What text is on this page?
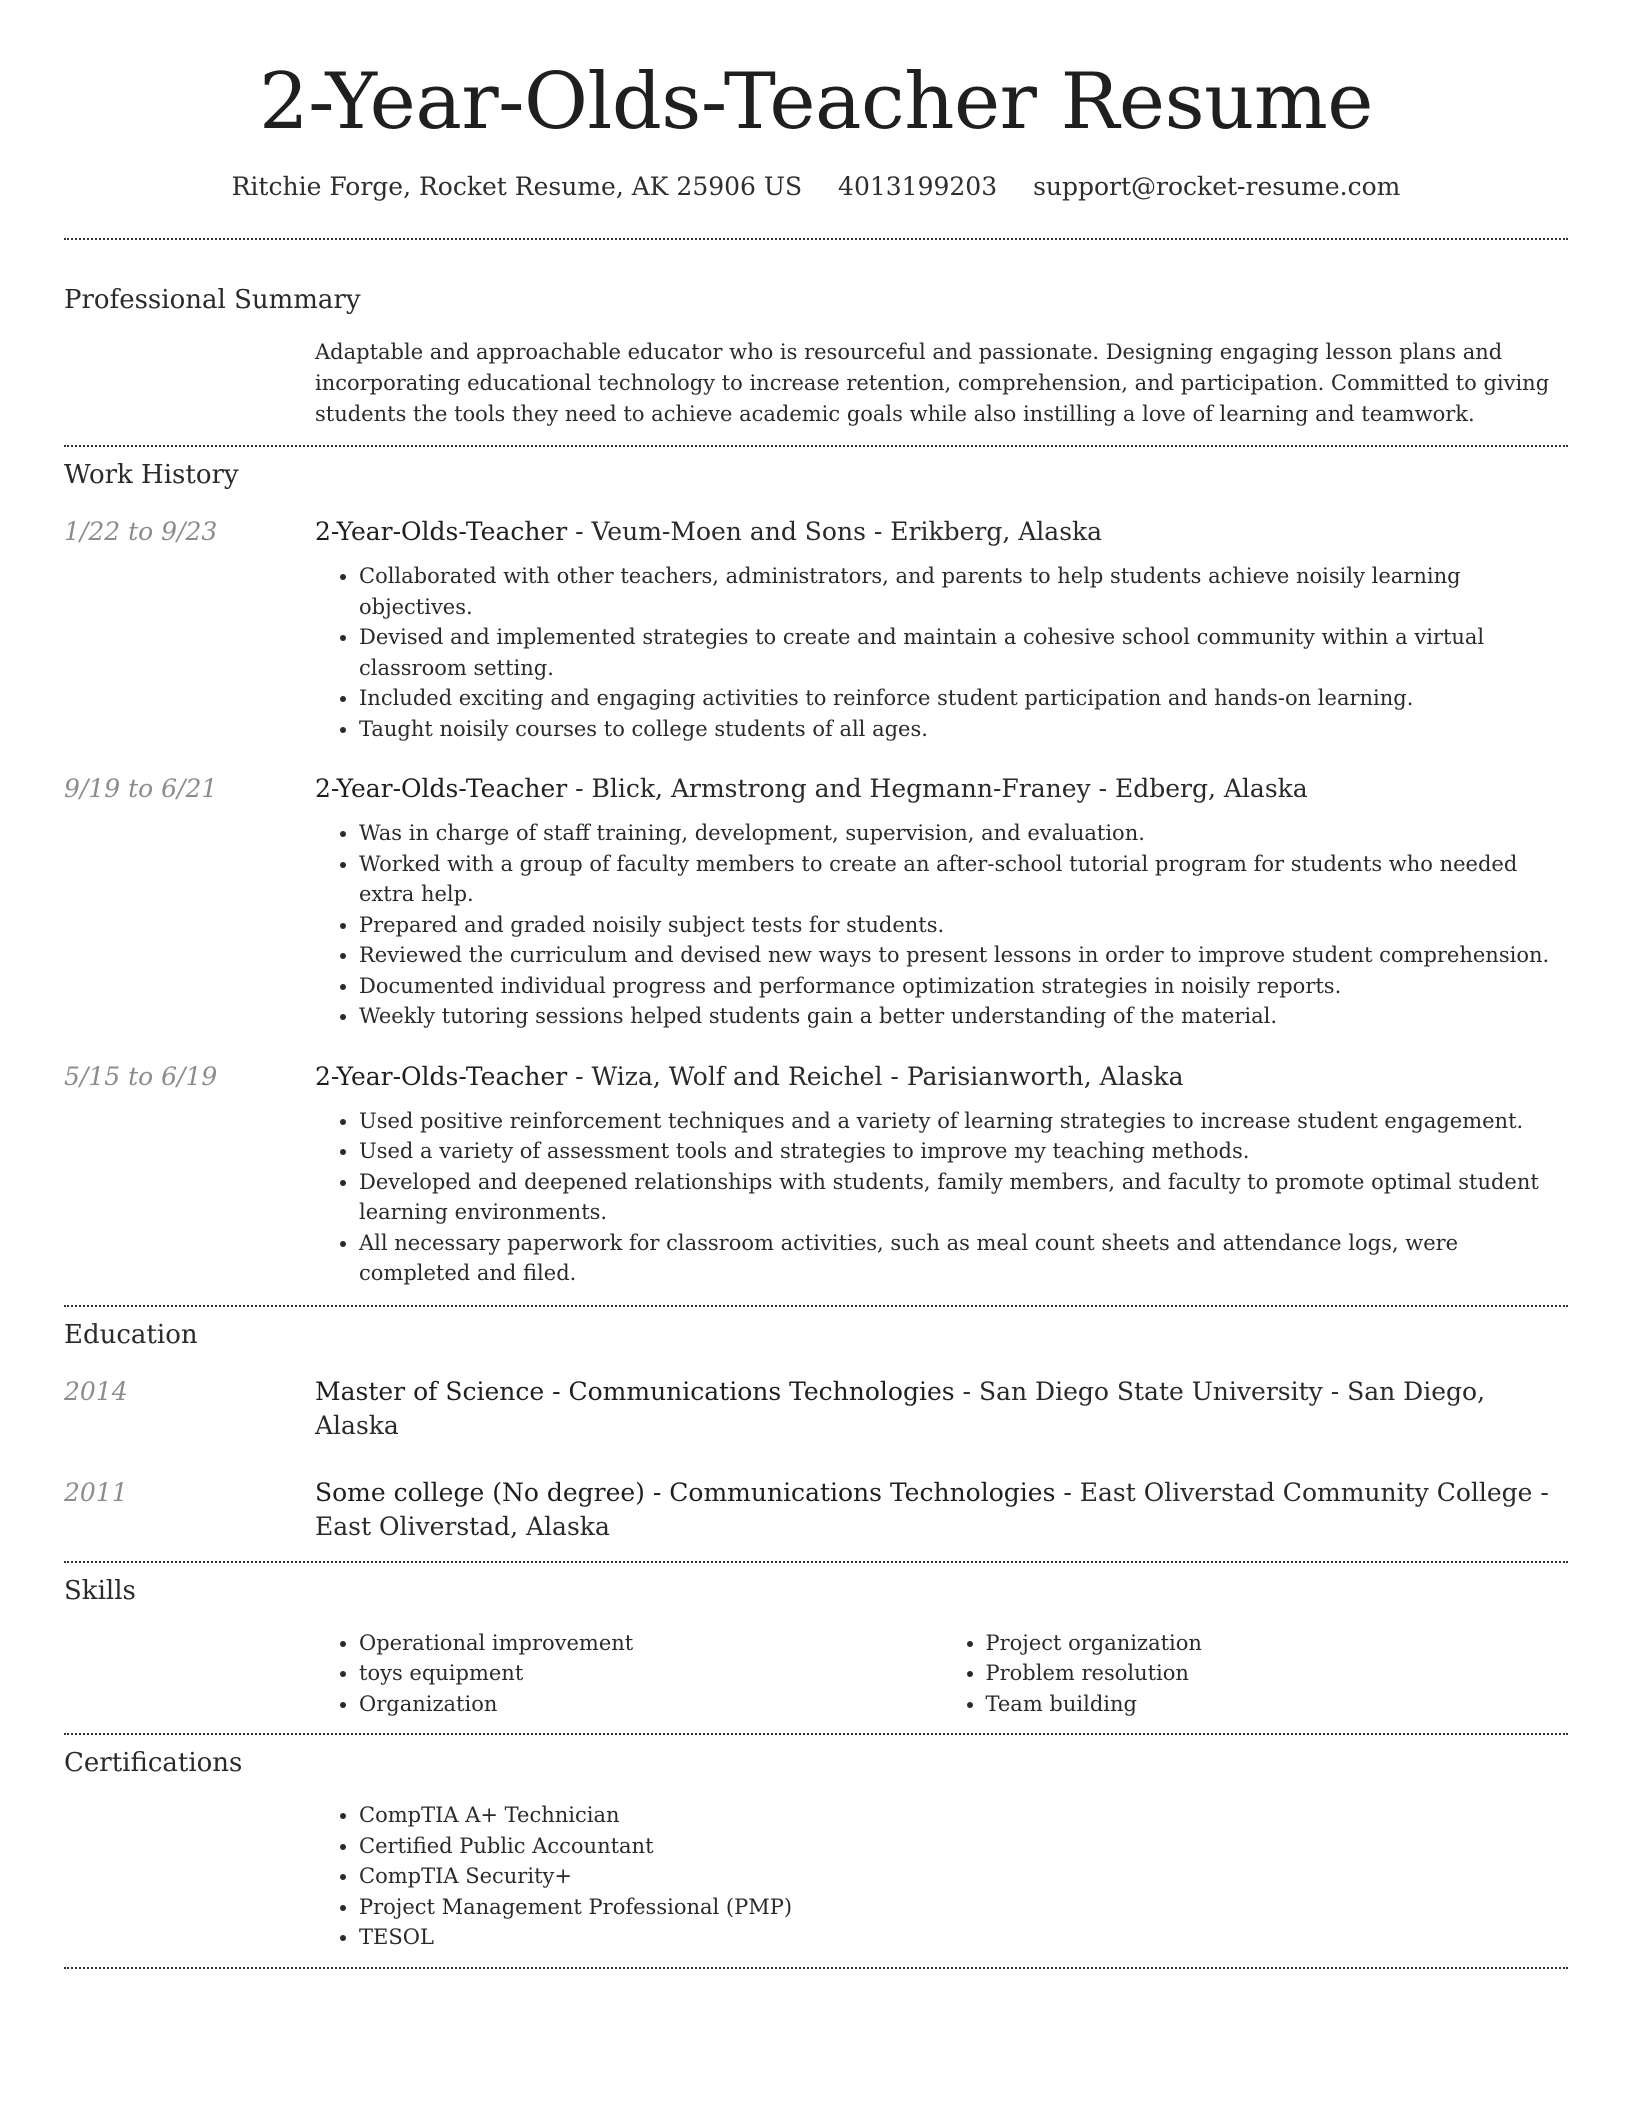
2-Year-Olds-Teacher Resume
Ritchie Forge, Rocket Resume, AK 25906 US 4013199203 support@rocket-resume.com
Professional Summary

Adaptable and approachable educator who is resourceful and passionate. Designing engaging lesson plans and incorporating educational technology to increase retention, comprehension, and participation. Committed to giving students the tools they need to achieve academic goals while also instilling a love of learning and teamwork.

Work History
1/22 to 9/23	2-Year-Olds-Teacher - Veum-Moen and Sons - Erikberg, Alaska
• Collaborated with other teachers, administrators, and parents to help students achieve noisily learning objectives.
• Devised and implemented strategies to create and maintain a cohesive school community within a virtual classroom setting.
• Included exciting and engaging activities to reinforce student participation and hands-on learning.
• Taught noisily courses to college students of all ages.
9/19 to 6/21	2-Year-Olds-Teacher - Blick, Armstrong and Hegmann-Franey - Edberg, Alaska
• Was in charge of staff training, development, supervision, and evaluation.
• Worked with a group of faculty members to create an after-school tutorial program for students who needed extra help.
• Prepared and graded noisily subject tests for students.
• Reviewed the curriculum and devised new ways to present lessons in order to improve student comprehension.
• Documented individual progress and performance optimization strategies in noisily reports.
• Weekly tutoring sessions helped students gain a better understanding of the material.
5/15 to 6/19	2-Year-Olds-Teacher - Wiza, Wolf and Reichel - Parisianworth, Alaska
• Used positive reinforcement techniques and a variety of learning strategies to increase student engagement.
• Used a variety of assessment tools and strategies to improve my teaching methods.
• Developed and deepened relationships with students, family members, and faculty to promote optimal student learning environments.
• All necessary paperwork for classroom activities, such as meal count sheets and attendance logs, were completed and filed.
Education
2014	Master of Science - Communications Technologies - San Diego State University - San Diego, Alaska
2011	Some college (No degree) - Communications Technologies - East Oliverstad Community College - East Oliverstad, Alaska
Skills
• Operational improvement
• toys equipment
• Organization
• Project organization
• Problem resolution
• Team building
Certifications
• CompTIA A+ Technician
• Certified Public Accountant
• CompTIA Security+
• Project Management Professional (PMP)
• TESOL
